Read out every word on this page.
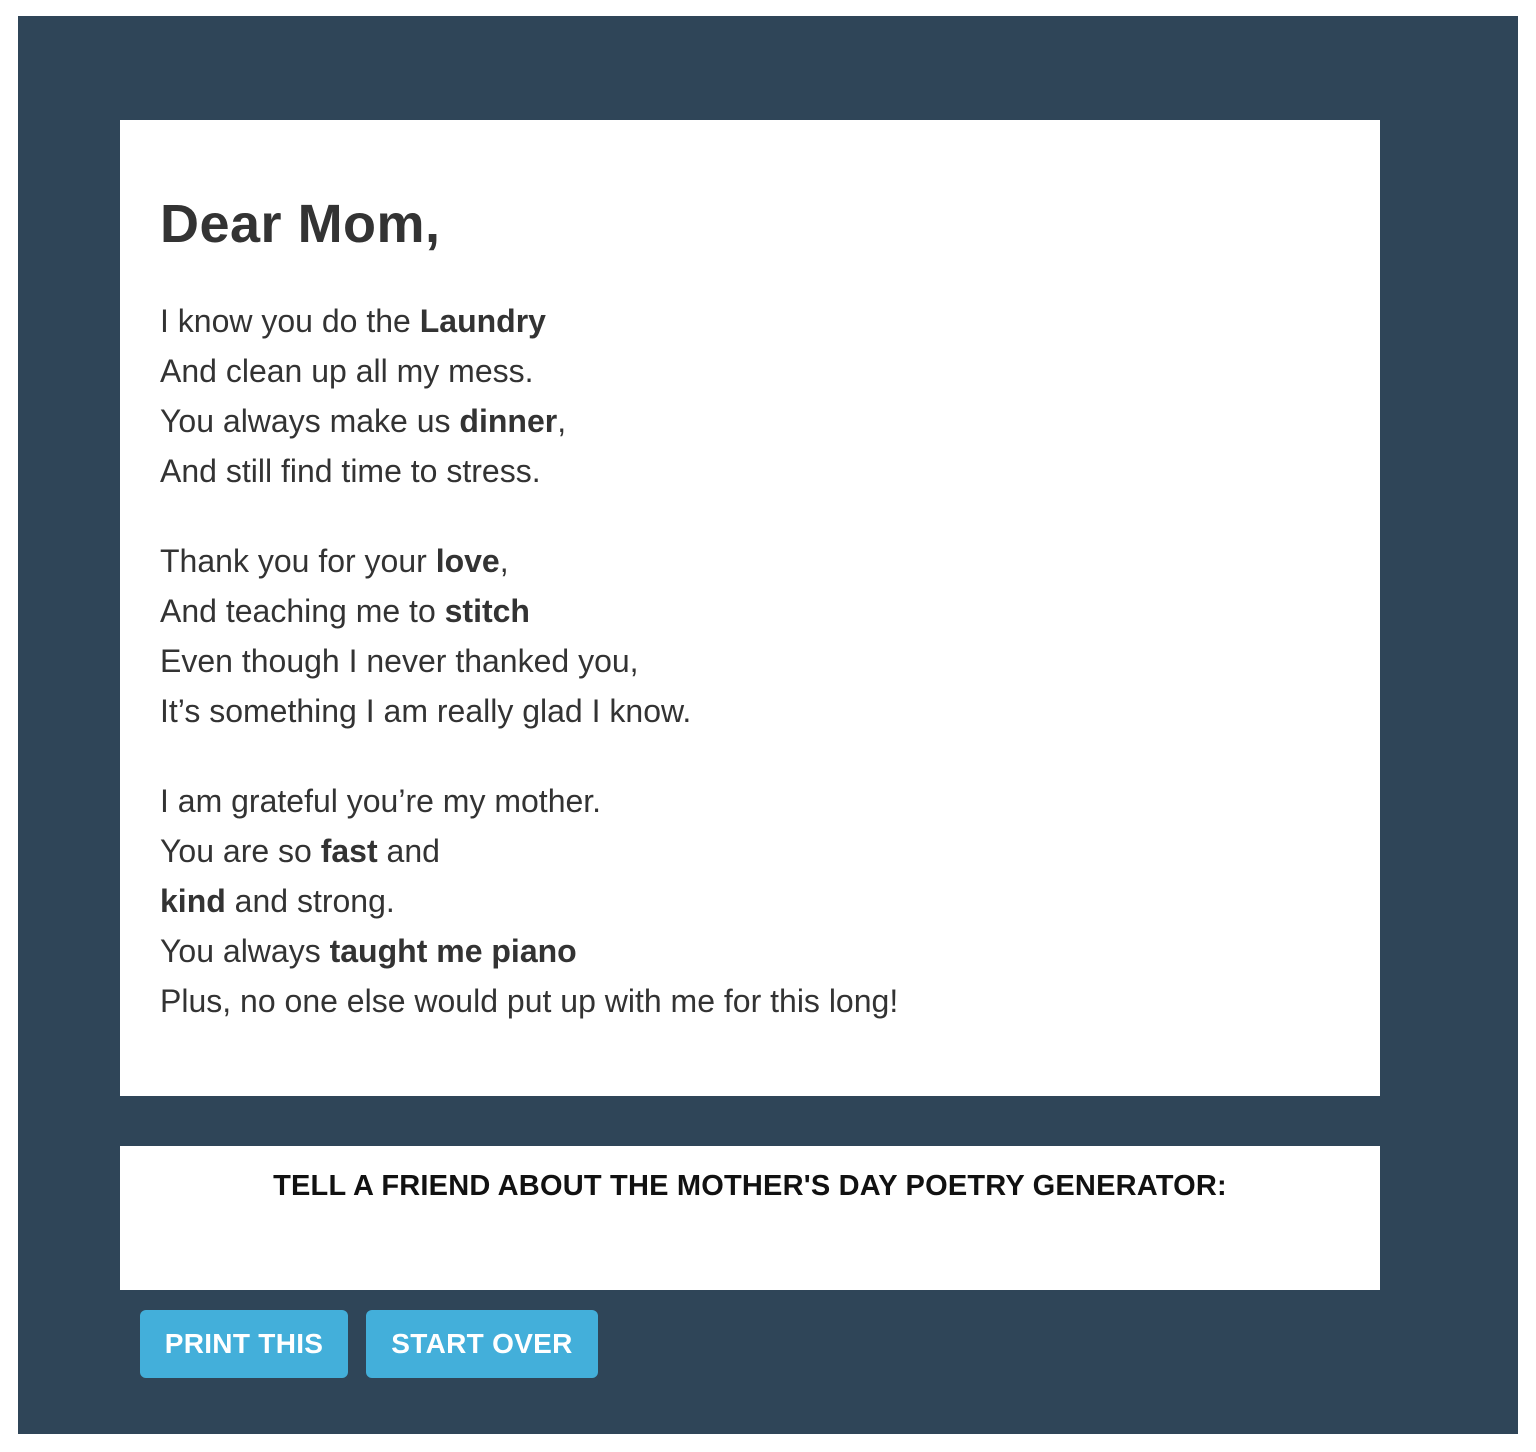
Dear Mom,
I know you do the Laundry
And clean up all my mess.
You always make us dinner,
And still find time to stress.
Thank you for your love,
And teaching me to stitch
Even though I never thanked you,
It’s something I am really glad I know.
I am grateful you’re my mother.
You are so fast and
kind and strong.
You always taught me piano
Plus, no one else would put up with me for this long!
TELL A FRIEND ABOUT THE MOTHER'S DAY POETRY GENERATOR:
PRINT THIS	START OVER
